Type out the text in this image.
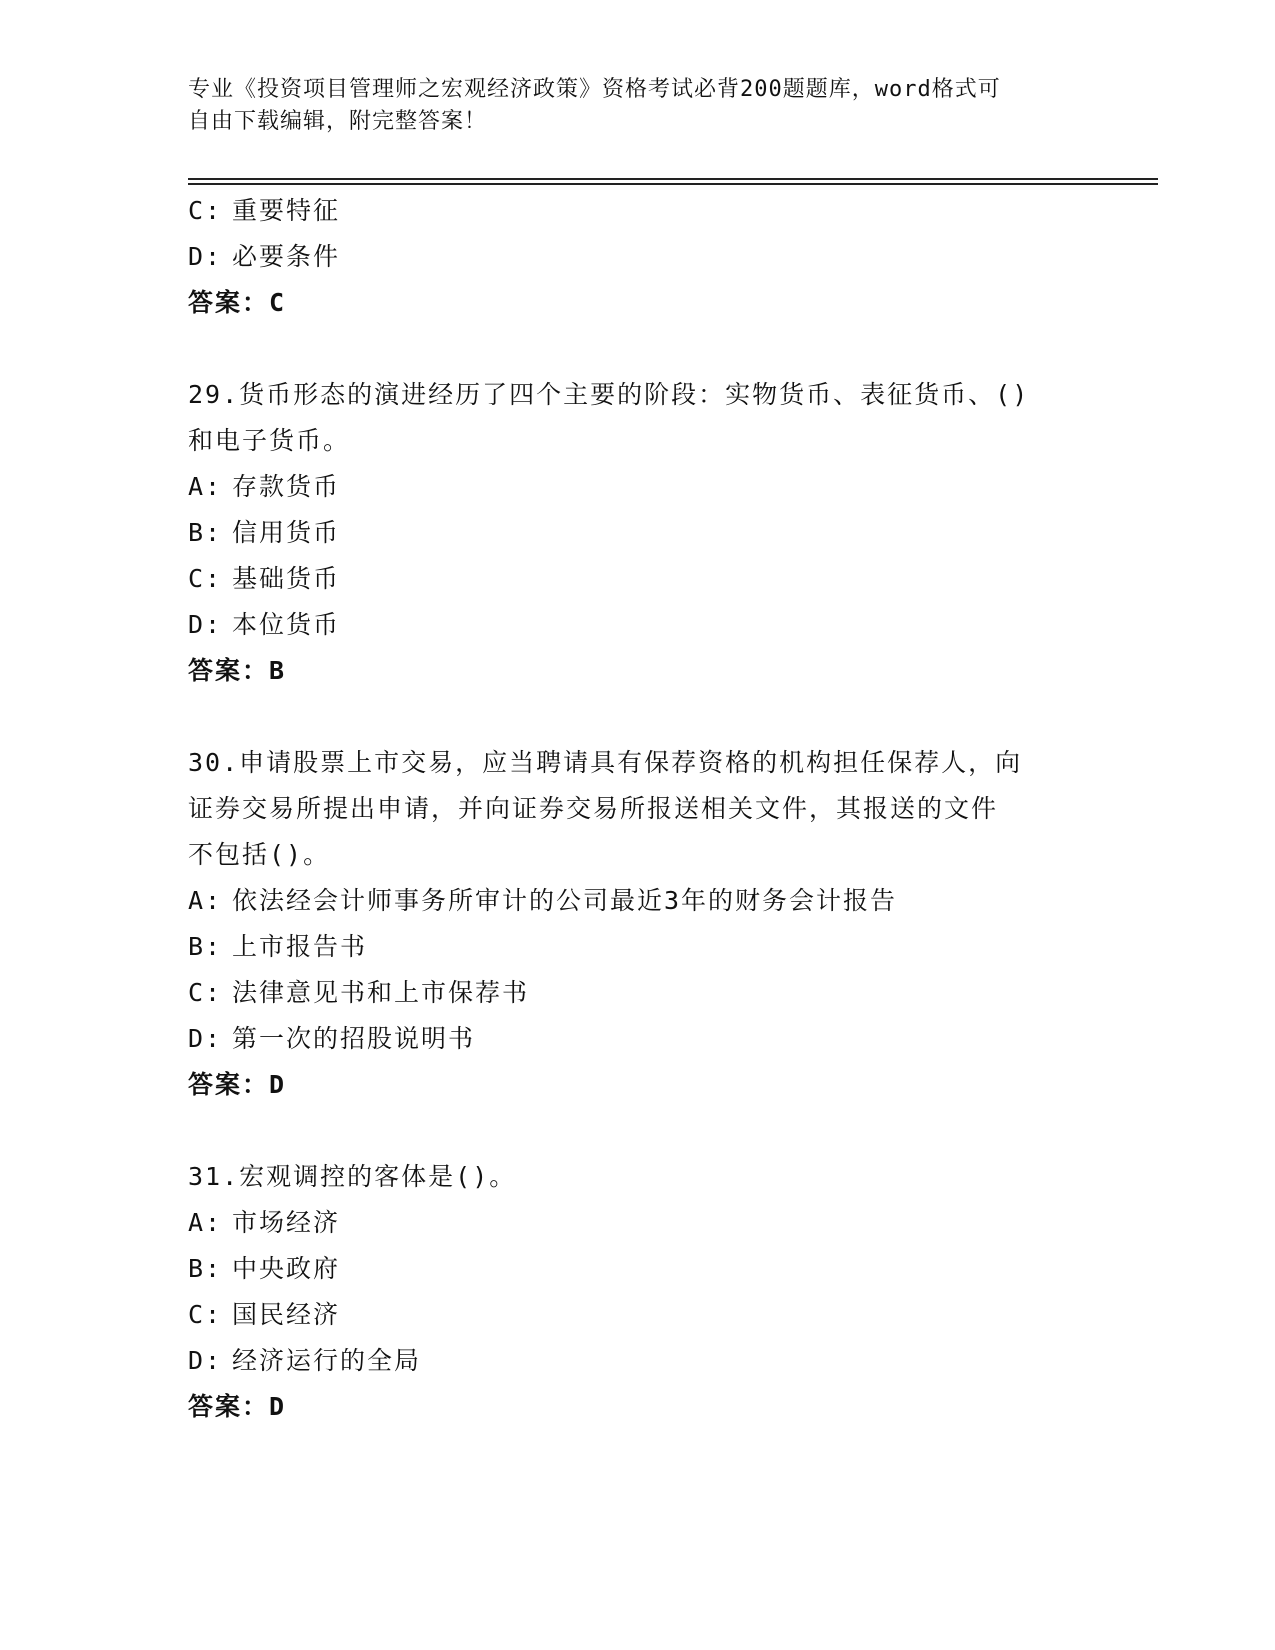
专业《投资项目管理师之宏观经济政策》资格考试必背200题题库，word格式可
自由下载编辑，附完整答案！
C: 重要特征
D: 必要条件
答案：C
29.货币形态的演进经历了四个主要的阶段：实物货币、表征货币、()
和电子货币。
A: 存款货币
B: 信用货币
C: 基础货币
D: 本位货币
答案：B
30.申请股票上市交易，应当聘请具有保荐资格的机构担任保荐人，向
证券交易所提出申请，并向证券交易所报送相关文件，其报送的文件
不包括()。
A: 依法经会计师事务所审计的公司最近3年的财务会计报告
B: 上市报告书
C: 法律意见书和上市保荐书
D: 第一次的招股说明书
答案：D
31.宏观调控的客体是()。
A: 市场经济
B: 中央政府
C: 国民经济
D: 经济运行的全局
答案：D
